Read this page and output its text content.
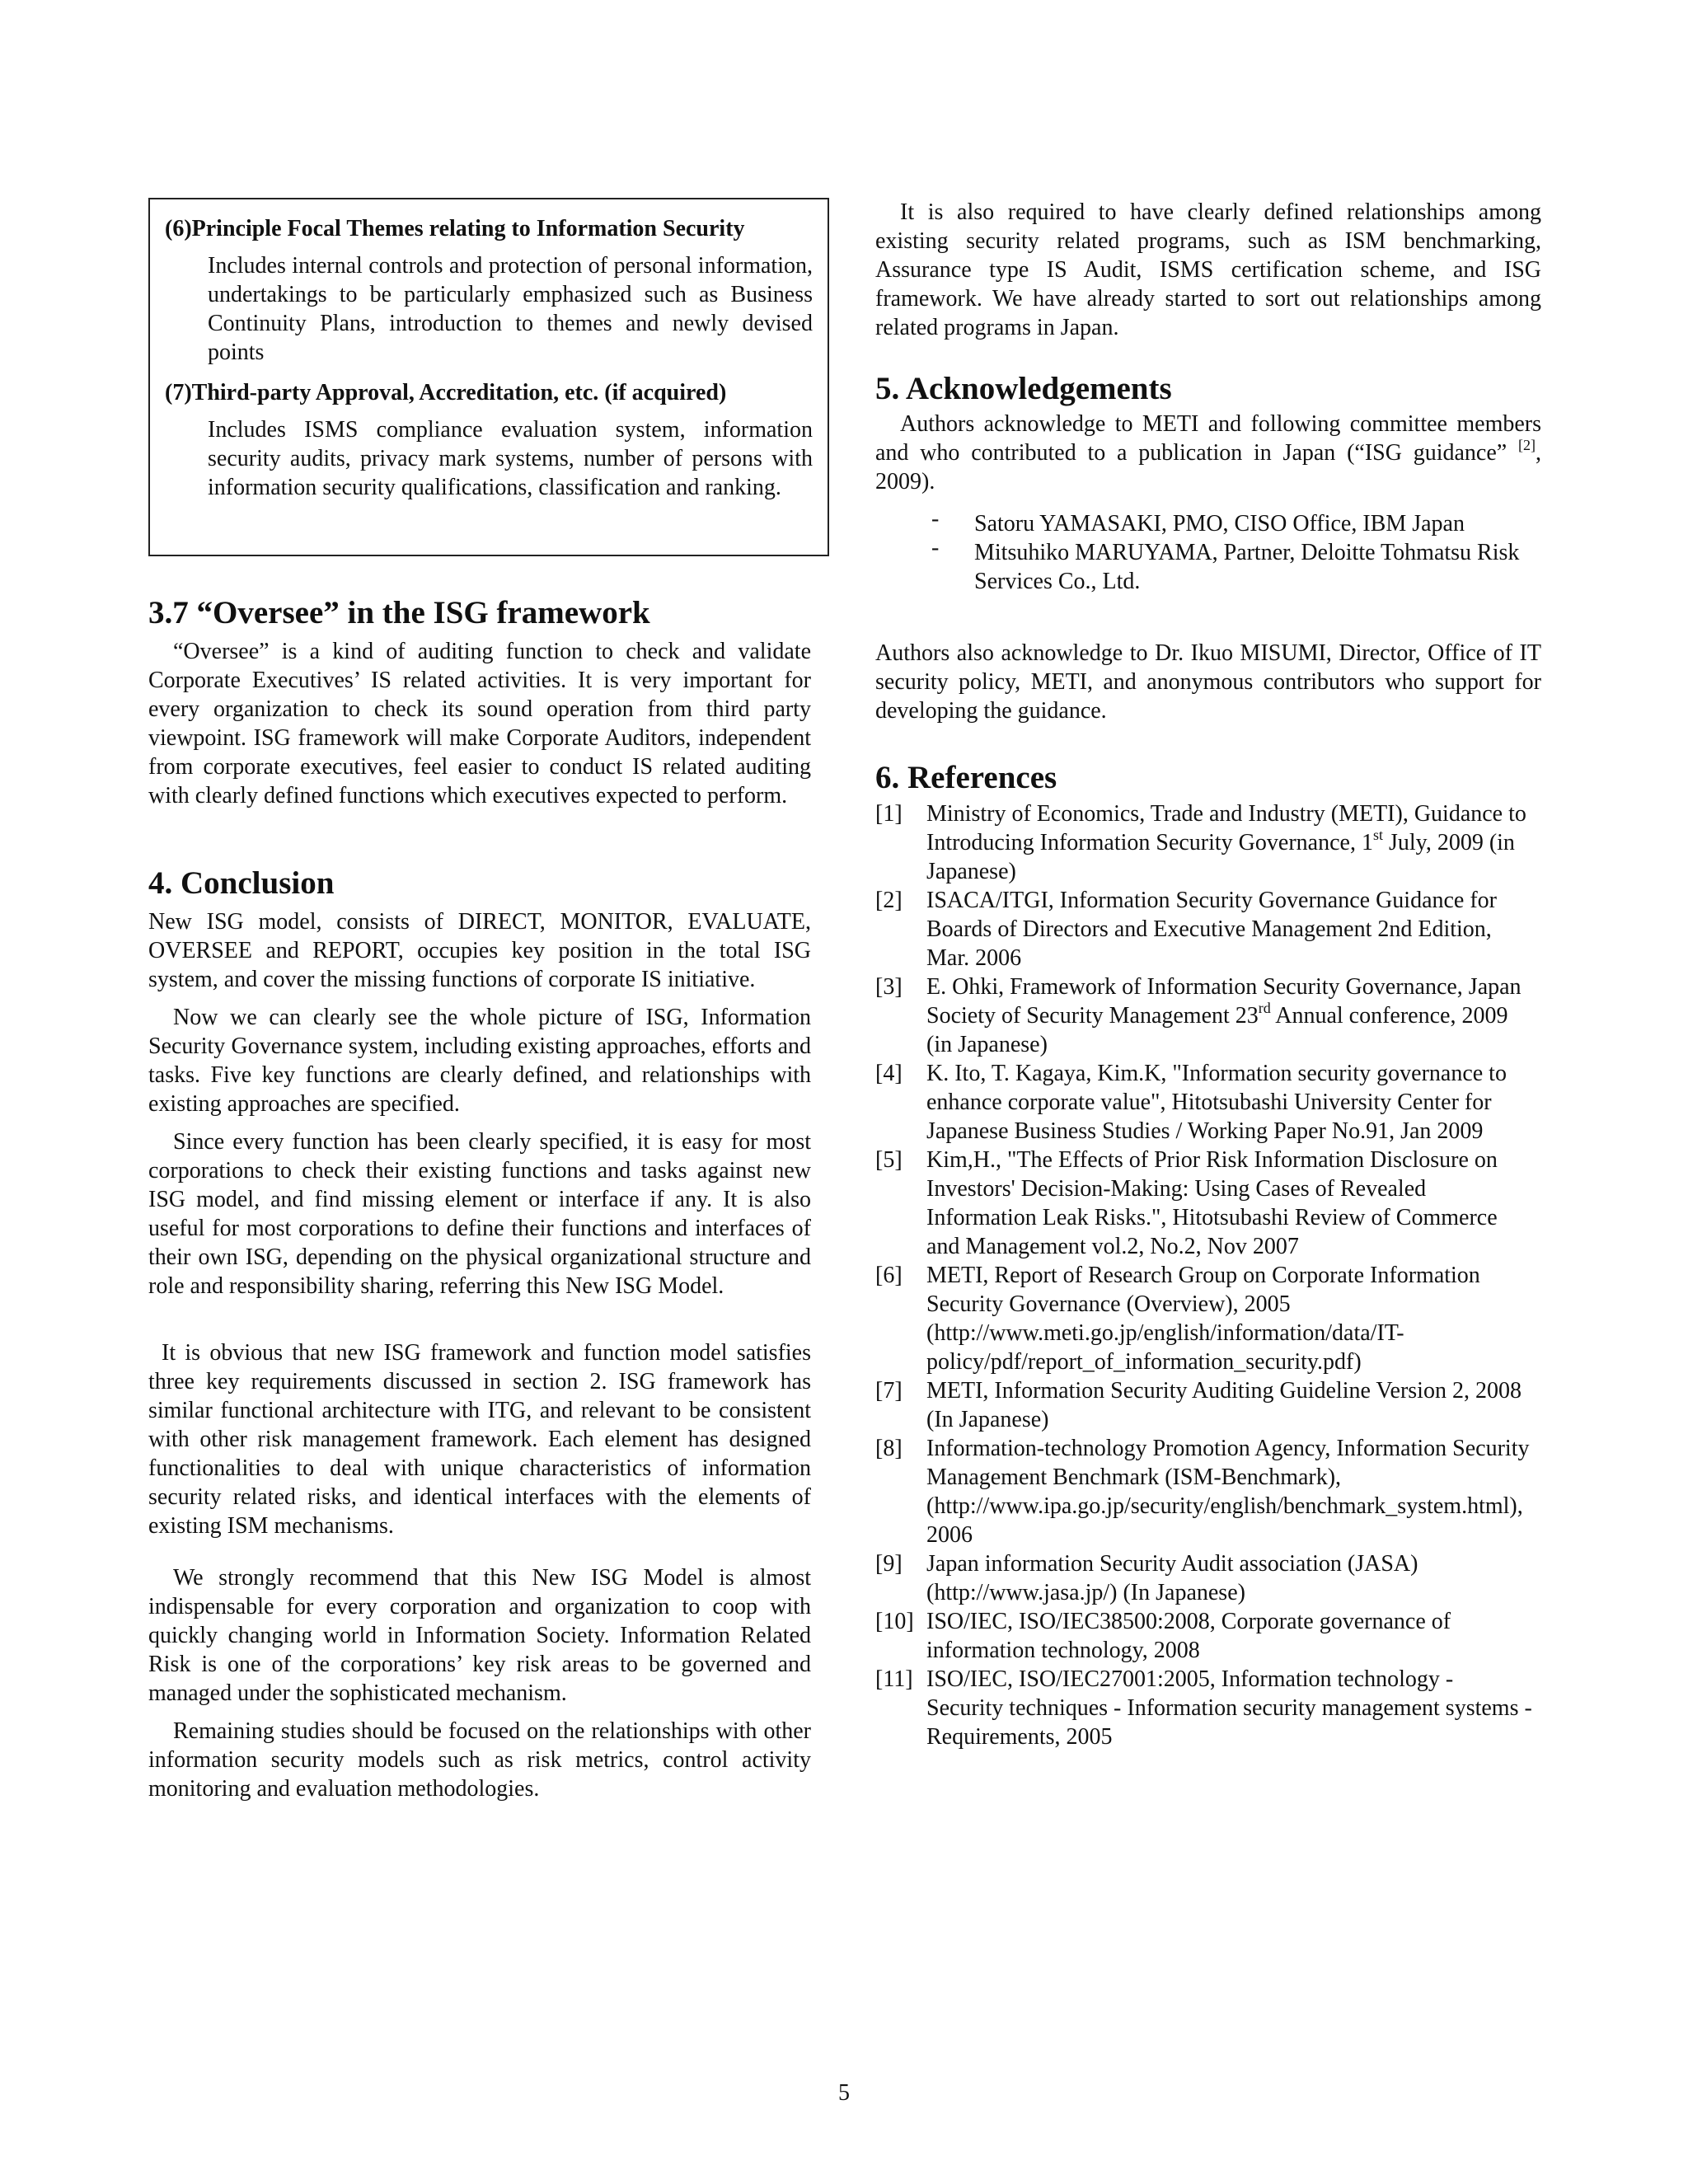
(6)Principle Focal Themes relating to Information Security

Includes internal controls and protection of personal information, undertakings to be particularly emphasized such as Business Continuity Plans, introduction to themes and newly devised points

(7)Third-party Approval, Accreditation, etc. (if acquired)

Includes ISMS compliance evaluation system, information security audits, privacy mark systems, number of persons with information security qualifications, classification and ranking.

3.7 “Oversee” in the ISG framework

“Oversee” is a kind of auditing function to check and validate Corporate Executives’ IS related activities. It is very important for every organization to check its sound operation from third party viewpoint. ISG framework will make Corporate Auditors, independent from corporate executives, feel easier to conduct IS related auditing with clearly defined functions which executives expected to perform.

4. Conclusion

New ISG model, consists of DIRECT, MONITOR, EVALUATE, OVERSEE and REPORT, occupies key position in the total ISG system, and cover the missing functions of corporate IS initiative.

Now we can clearly see the whole picture of ISG, Information Security Governance system, including existing approaches, efforts and tasks. Five key functions are clearly defined, and relationships with existing approaches are specified.

Since every function has been clearly specified, it is easy for most corporations to check their existing functions and tasks against new ISG model, and find missing element or interface if any. It is also useful for most corporations to define their functions and interfaces of their own ISG, depending on the physical organizational structure and role and responsibility sharing, referring this New ISG Model.

It is obvious that new ISG framework and function model satisfies three key requirements discussed in section 2. ISG framework has similar functional architecture with ITG, and relevant to be consistent with other risk management framework. Each element has designed functionalities to deal with unique characteristics of information security related risks, and identical interfaces with the elements of existing ISM mechanisms.

We strongly recommend that this New ISG Model is almost indispensable for every corporation and organization to coop with quickly changing world in Information Society. Information Related Risk is one of the corporations’ key risk areas to be governed and managed under the sophisticated mechanism.

Remaining studies should be focused on the relationships with other information security models such as risk metrics, control activity monitoring and evaluation methodologies.

It is also required to have clearly defined relationships among existing security related programs, such as ISM benchmarking, Assurance type IS Audit, ISMS certification scheme, and ISG framework. We have already started to sort out relationships among related programs in Japan.

5. Acknowledgements

Authors acknowledge to METI and following committee members and who contributed to a publication in Japan (“ISG guidance” [2], 2009).

- Satoru YAMASAKI, PMO, CISO Office, IBM Japan
- Mitsuhiko MARUYAMA, Partner, Deloitte Tohmatsu Risk Services Co., Ltd.

Authors also acknowledge to Dr. Ikuo MISUMI, Director, Office of IT security policy, METI, and anonymous contributors who support for developing the guidance.

6. References
[1] Ministry of Economics, Trade and Industry (METI), Guidance to Introducing Information Security Governance, 1st July, 2009 (in Japanese)
[2] ISACA/ITGI, Information Security Governance Guidance for Boards of Directors and Executive Management 2nd Edition, Mar. 2006
[3] E. Ohki, Framework of Information Security Governance, Japan Society of Security Management 23rd Annual conference, 2009 (in Japanese)
[4] K. Ito, T. Kagaya, Kim.K, "Information security governance to enhance corporate value", Hitotsubashi University Center for Japanese Business Studies / Working Paper No.91, Jan 2009
[5] Kim,H., "The Effects of Prior Risk Information Disclosure on Investors' Decision-Making: Using Cases of Revealed Information Leak Risks.", Hitotsubashi Review of Commerce and Management vol.2, No.2, Nov 2007
[6] METI, Report of Research Group on Corporate Information Security Governance (Overview), 2005 (http://www.meti.go.jp/english/information/data/IT-policy/pdf/report_of_information_security.pdf)
[7] METI, Information Security Auditing Guideline Version 2, 2008 (In Japanese)
[8] Information-technology Promotion Agency, Information Security Management Benchmark (ISM-Benchmark), (http://www.ipa.go.jp/security/english/benchmark_system.html), 2006
[9] Japan information Security Audit association (JASA)(http://www.jasa.jp/) (In Japanese)
[10] ISO/IEC, ISO/IEC38500:2008, Corporate governance of information technology, 2008
[11] ISO/IEC, ISO/IEC27001:2005, Information technology - Security techniques - Information security management systems - Requirements, 2005
5
